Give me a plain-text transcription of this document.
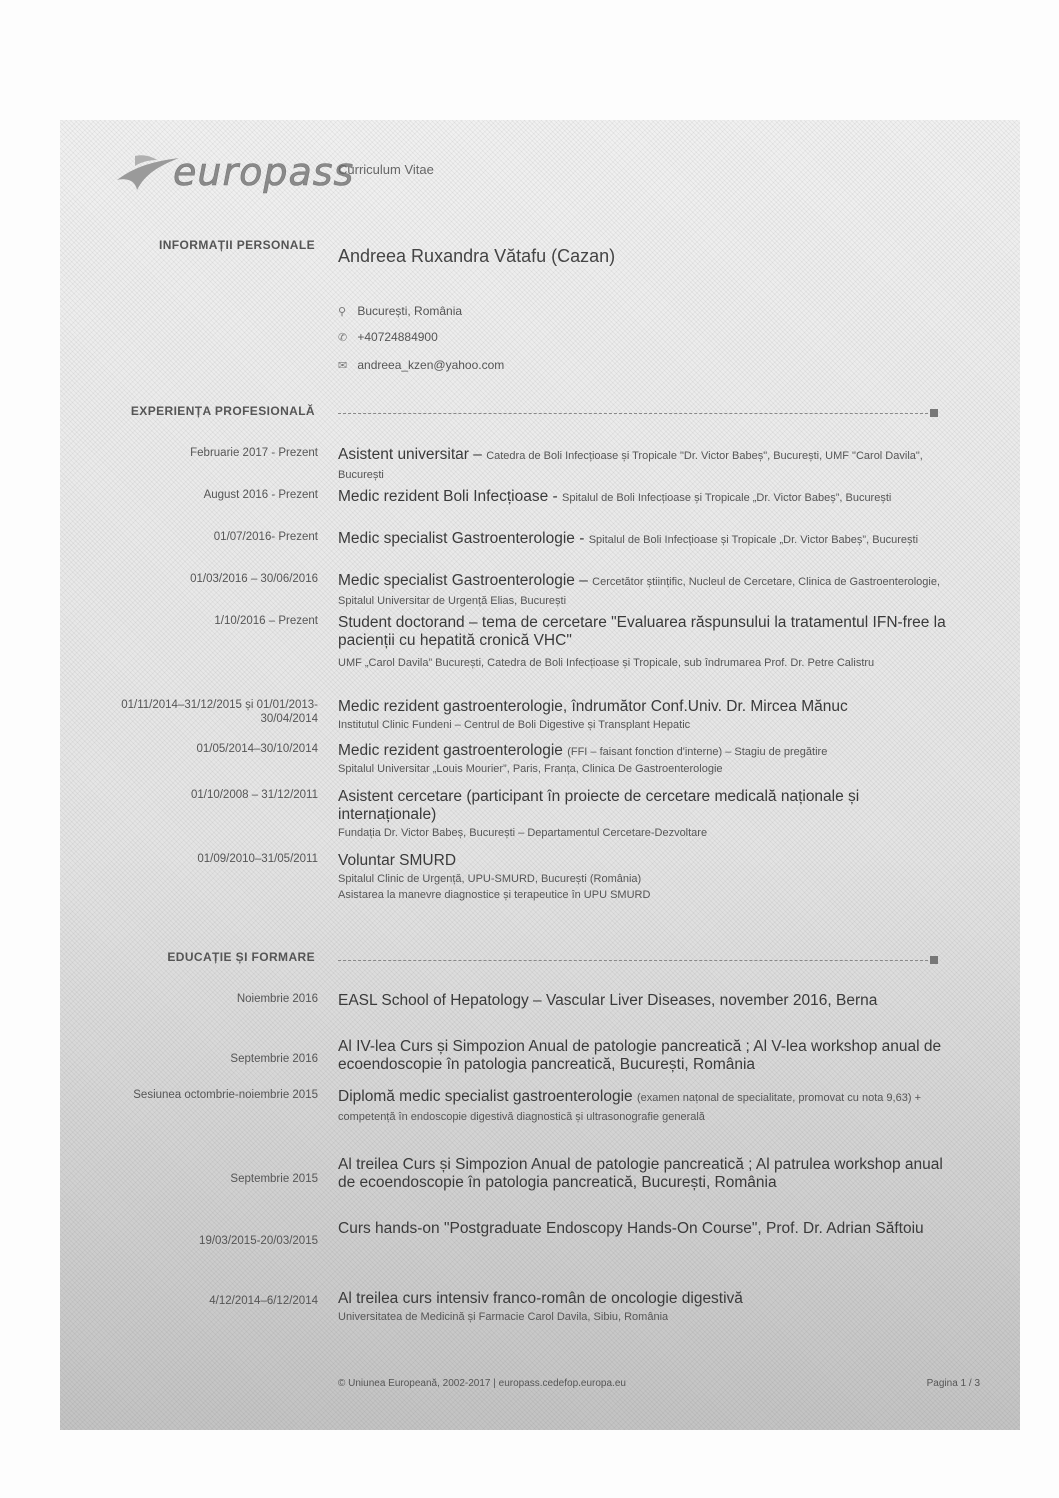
europass
Curriculum Vitae
INFORMAȚII PERSONALE
Andreea Ruxandra Vătafu (Cazan)
⚲ București, România
✆ +40724884900
✉ andreea_kzen@yahoo.com
EXPERIENȚA PROFESIONALĂ
Februarie 2017 - Prezent Asistent universitar – Catedra de Boli Infecțioase și Tropicale "Dr. Victor Babeș", București, UMF "Carol Davila", București
August 2016 - Prezent Medic rezident Boli Infecțioase - Spitalul de Boli Infecțioase și Tropicale „Dr. Victor Babeș”, București
01/07/2016- Prezent Medic specialist Gastroenterologie - Spitalul de Boli Infecțioase și Tropicale „Dr. Victor Babeș”, București
01/03/2016 – 30/06/2016 Medic specialist Gastroenterologie – Cercetător științific, Nucleul de Cercetare, Clinica de Gastroenterologie, Spitalul Universitar de Urgență Elias, București
1/10/2016 – Prezent Student doctorand – tema de cercetare "Evaluarea răspunsului la tratamentul IFN-free la pacienții cu hepatită cronică VHC"
UMF „Carol Davila” București, Catedra de Boli Infecțioase și Tropicale, sub îndrumarea Prof. Dr. Petre Calistru
01/11/2014–31/12/2015 și 01/01/2013-30/04/2014
Medic rezident gastroenterologie, îndrumător Conf.Univ. Dr. Mircea Mănuc
Institutul Clinic Fundeni – Centrul de Boli Digestive și Transplant Hepatic
01/05/2014–30/10/2014 Medic rezident gastroenterologie (FFI – faisant fonction d'interne) – Stagiu de pregătire
Spitalul Universitar „Louis Mourier”, Paris, Franța, Clinica De Gastroenterologie
01/10/2008 – 31/12/2011 Asistent cercetare (participant în proiecte de cercetare medicală naționale și internaționale)
Fundația Dr. Victor Babeș, București – Departamentul Cercetare-Dezvoltare
01/09/2010–31/05/2011 Voluntar SMURD
Spitalul Clinic de Urgență, UPU-SMURD, București (România)
Asistarea la manevre diagnostice și terapeutice în UPU SMURD
EDUCAȚIE ȘI FORMARE
Noiembrie 2016 EASL School of Hepatology – Vascular Liver Diseases, november 2016, Berna
Septembrie 2016
Al IV-lea Curs și Simpozion Anual de patologie pancreatică ; Al V-lea workshop anual de ecoendoscopie în patologia pancreatică, București, România
Sesiunea octombrie-noiembrie 2015 Diplomă medic specialist gastroenterologie (examen națonal de specialitate, promovat cu nota 9,63) + competență în endoscopie digestivă diagnostică și ultrasonografie generală
Septembrie 2015
Al treilea Curs și Simpozion Anual de patologie pancreatică ; Al patrulea workshop anual de ecoendoscopie în patologia pancreatică, București, România
19/03/2015-20/03/2015
Curs hands-on "Postgraduate Endoscopy Hands-On Course", Prof. Dr. Adrian Săftoiu
4/12/2014–6/12/2014 Al treilea curs intensiv franco-român de oncologie digestivă
Universitatea de Medicină și Farmacie Carol Davila, Sibiu, România
© Uniunea Europeană, 2002-2017 | europass.cedefop.europa.eu	Pagina 1 / 3
